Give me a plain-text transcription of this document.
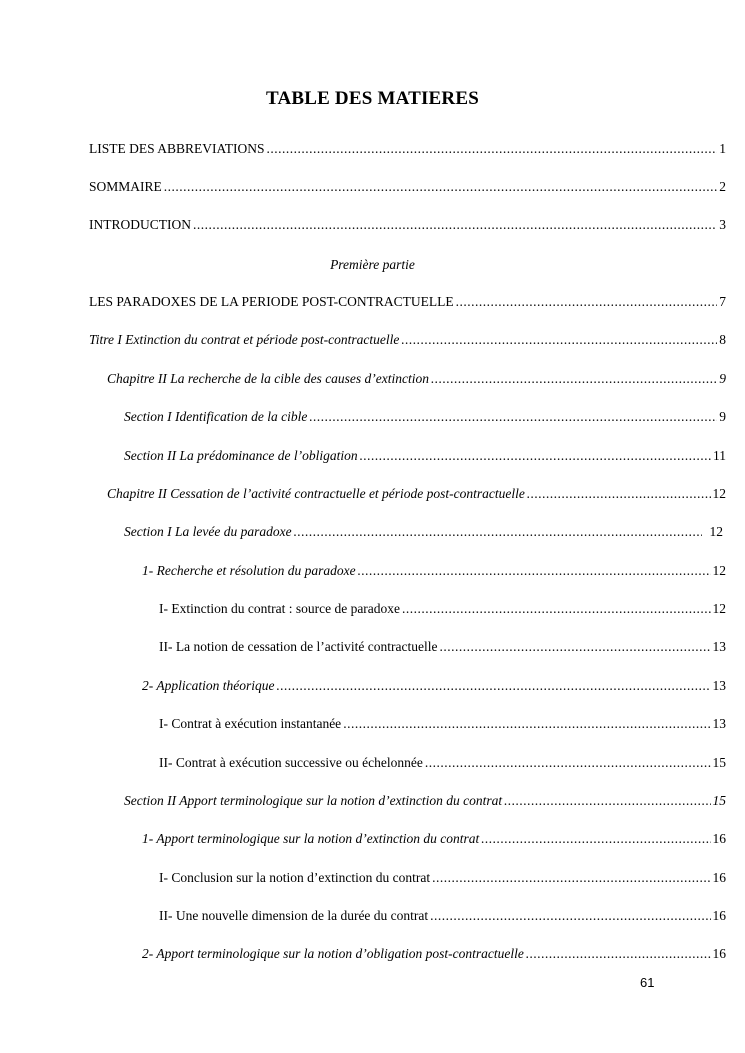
TABLE DES MATIERES
LISTE DES ABBREVIATIONS .....	1
SOMMAIRE .....	2
INTRODUCTION .....	3
Première partie
LES PARADOXES DE LA PERIODE POST-CONTRACTUELLE .....	7
Titre I Extinction du contrat et période post-contractuelle .....	8
Chapitre II La recherche de la cible des causes d’extinction .....	9
Section I Identification de la cible .....	9
Section II La prédominance de l’obligation .....	11
Chapitre II Cessation de l’activité contractuelle et période post-contractuelle .....	12
Section I La levée du paradoxe .....	12
1- Recherche et résolution du paradoxe .....	12
I- Extinction du contrat : source de paradoxe .....	12
II- La notion de cessation de l’activité contractuelle .....	13
2- Application théorique .....	13
I- Contrat à exécution instantanée .....	13
II- Contrat à exécution successive ou échelonnée .....	15
Section II Apport terminologique sur la notion d’extinction du contrat .....	15
1- Apport terminologique sur la notion d’extinction du contrat .....	16
I- Conclusion sur la notion d’extinction du contrat .....	16
II- Une nouvelle dimension de la durée du contrat .....	16
2- Apport terminologique sur la notion d’obligation post-contractuelle .....	16
61
